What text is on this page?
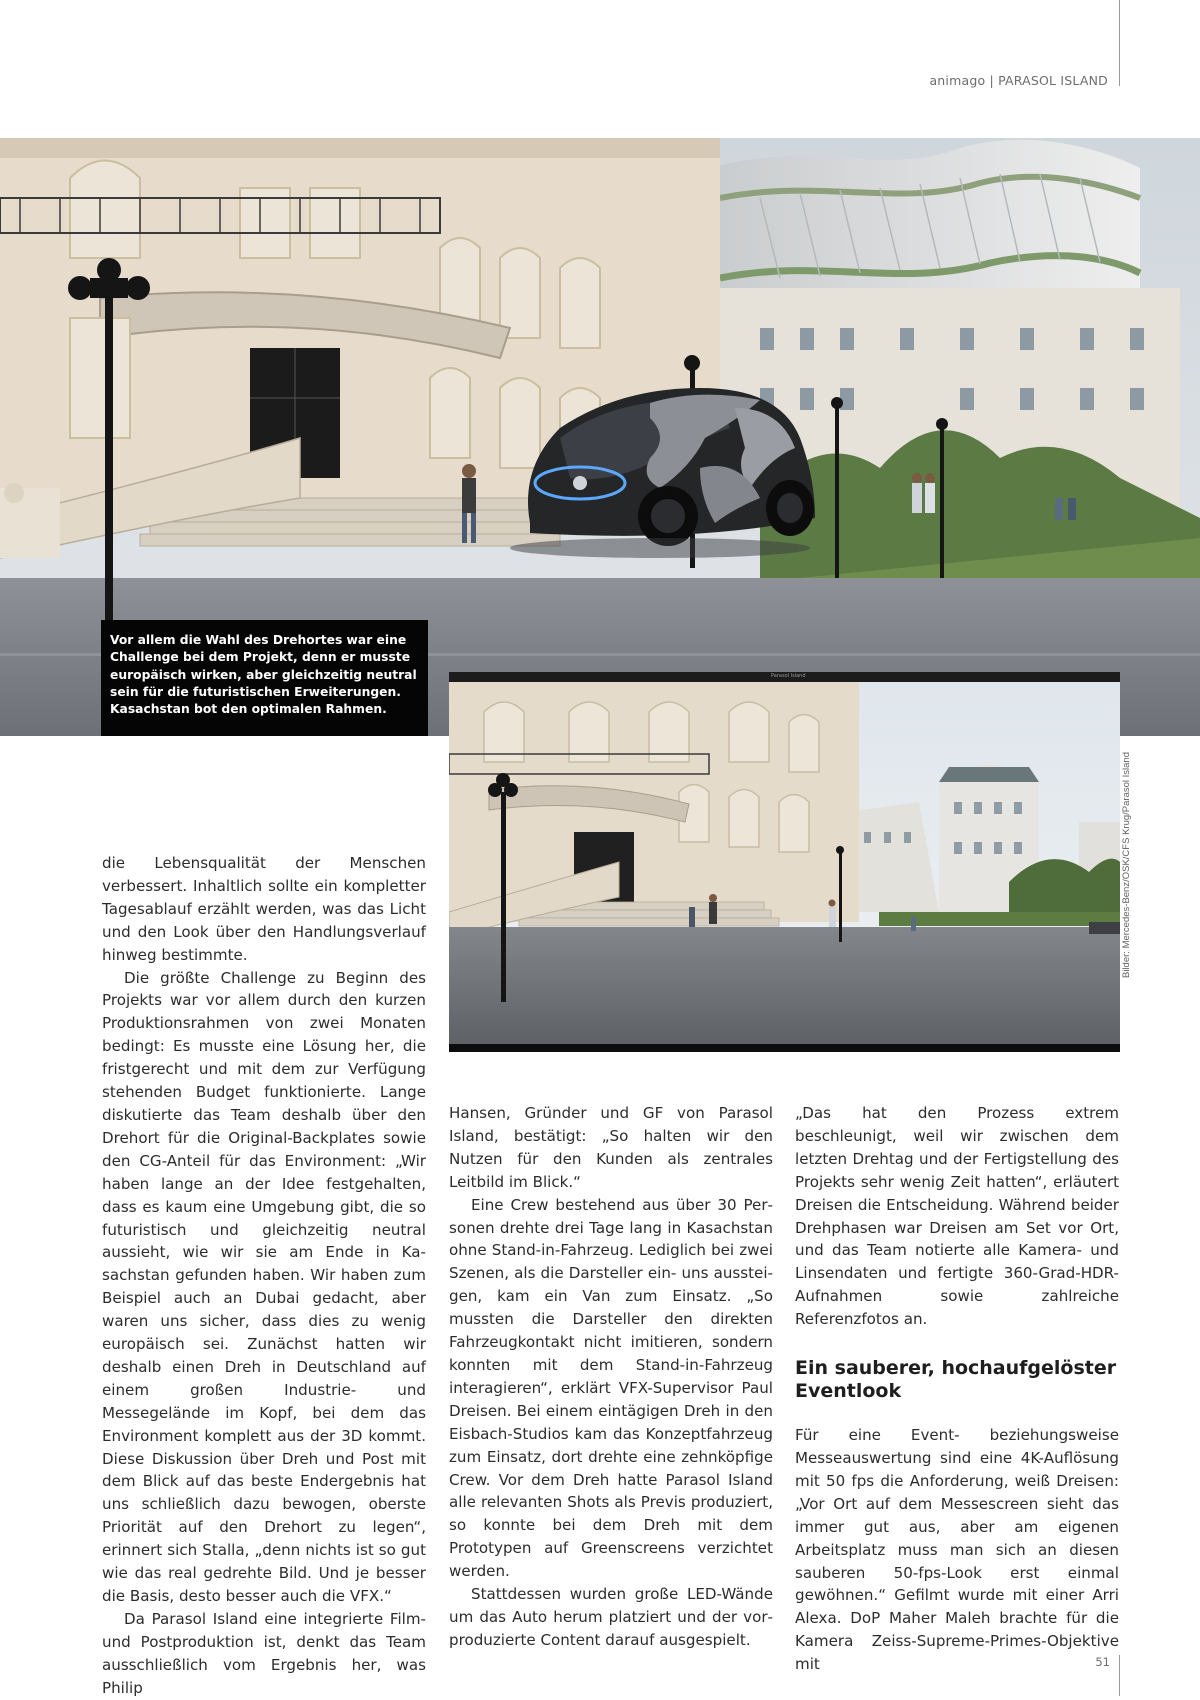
animago | PARASOL ISLAND
Vor allem die Wahl des Drehortes war eine Challenge bei dem Projekt, denn er musste europäisch wirken, aber gleichzeitig neutral sein für die futuristischen Erweiterungen. Kasachstan bot den optimalen Rahmen.
Parasol Island
Bilder: Mercedes-Benz/OSK/CFS Krug/Parasol Island

die Lebensqualität der Menschen verbessert. Inhaltlich sollte ein kompletter Tagesablauf erzählt werden, was das Licht und den Look über den Handlungsverlauf hinweg bestimmte.

Die größte Challenge zu Beginn des Projekts war vor allem durch den kurzen Produktionsrahmen von zwei Monaten bedingt: Es musste eine Lösung her, die fristgerecht und mit dem zur Verfügung stehenden Budget funktionierte. Lange diskutierte das Team deshalb über den Drehort für die Original-Backplates sowie den CG-Anteil für das Environment: „Wir haben lange an der Idee festgehalten, dass es kaum eine Umgebung gibt, die so futuristisch und gleichzeitig neutral aussieht, wie wir sie am Ende in Kasachstan gefunden haben. Wir haben zum Beispiel auch an Dubai gedacht, aber waren uns sicher, dass dies zu wenig europäisch sei. Zunächst hatten wir deshalb einen Dreh in Deutschland auf einem großen Industrie- und Messegelände im Kopf, bei dem das Environment komplett aus der 3D kommt. Diese Diskussion über Dreh und Post mit dem Blick auf das beste Endergebnis hat uns schließlich dazu bewogen, oberste Priorität auf den Drehort zu legen“, erinnert sich Stalla, „denn nichts ist so gut wie das real gedrehte Bild. Und je besser die Basis, desto besser auch die VFX.“

Da Parasol Island eine integrierte Film- und Postproduktion ist, denkt das Team ausschließlich vom Ergebnis her, was Philip

Hansen, Gründer und GF von Parasol Island, bestätigt: „So halten wir den Nutzen für den Kunden als zentrales Leitbild im Blick.“

Eine Crew bestehend aus über 30 Personen drehte drei Tage lang in Kasachstan ohne Stand-in-Fahrzeug. Lediglich bei zwei Szenen, als die Darsteller ein- uns aussteigen, kam ein Van zum Einsatz. „So mussten die Darsteller den direkten Fahrzeugkontakt nicht imitieren, sondern konnten mit dem Stand-in-Fahrzeug interagieren“, erklärt VFX-Supervisor Paul Dreisen. Bei einem eintägigen Dreh in den Eisbach-Studios kam das Konzeptfahrzeug zum Einsatz, dort drehte eine zehnköpfige Crew. Vor dem Dreh hatte Parasol Island alle relevanten Shots als Previs produziert, so konnte bei dem Dreh mit dem Prototypen auf Greenscreens verzichtet werden.

Stattdessen wurden große LED-Wände um das Auto herum platziert und der vorproduzierte Content darauf ausgespielt.

„Das hat den Prozess extrem beschleunigt, weil wir zwischen dem letzten Drehtag und der Fertigstellung des Projekts sehr wenig Zeit hatten“, erläutert Dreisen die Entscheidung. Während beider Drehphasen war Dreisen am Set vor Ort, und das Team notierte alle Kamera- und Linsendaten und fertigte 360-Grad-HDR-Aufnahmen sowie zahlreiche Referenzfotos an.

Ein sauberer, hochaufgelöster Eventlook

Für eine Event- beziehungsweise Messeauswertung sind eine 4K-Auflösung mit 50 fps die Anforderung, weiß Dreisen: „Vor Ort auf dem Messescreen sieht das immer gut aus, aber am eigenen Arbeitsplatz muss man sich an diesen sauberen 50-fps-Look erst einmal gewöhnen.“ Gefilmt wurde mit einer Arri Alexa. DoP Maher Maleh brachte für die Kamera Zeiss-Supreme-Primes-Objektive mit	51
